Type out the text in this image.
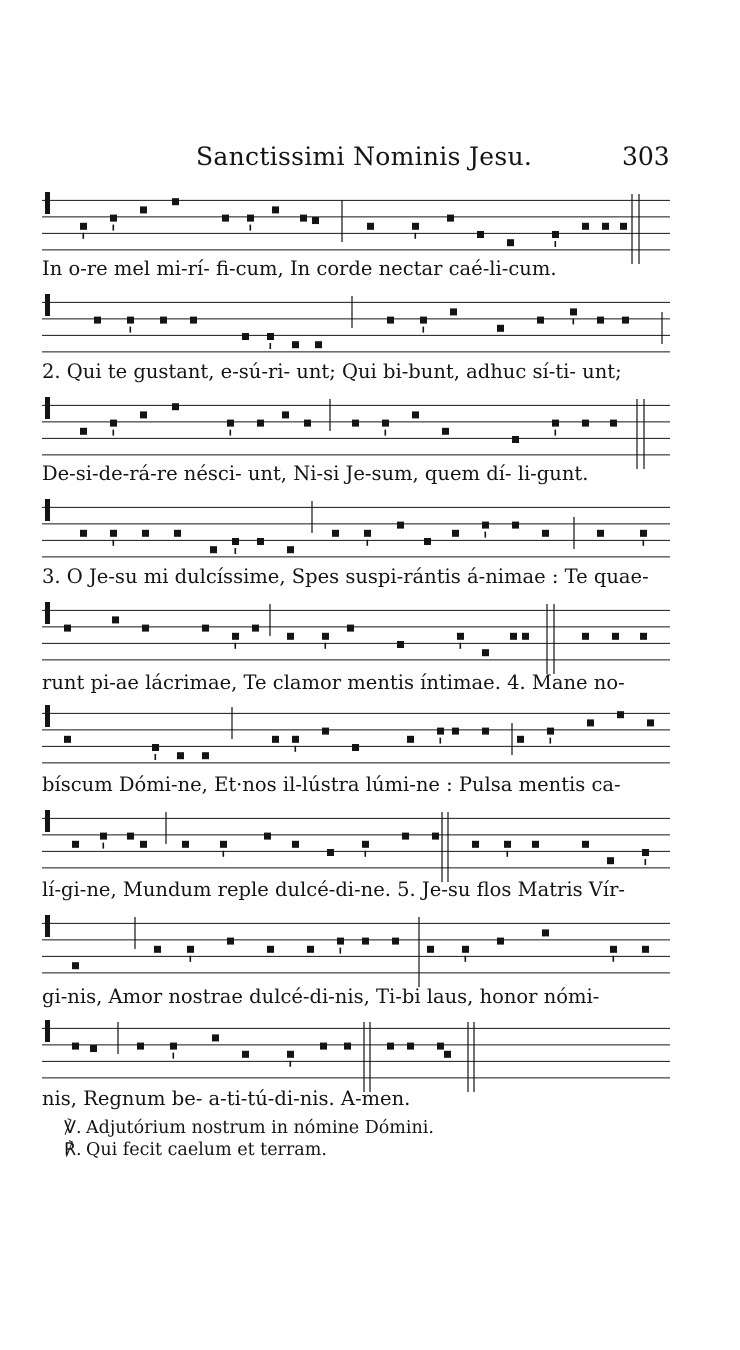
Sanctissimi Nominis Jesu.	303
In o-re mel mi-rí- fi-cum, In corde nectar caé-li-cum.
2. Qui te gustant, e-sú-ri- unt; Qui bi-bunt, adhuc sí-ti- unt;
De-si-de-rá-re nésci- unt, Ni-si Je-sum, quem dí- li-gunt.
3. O Je-su mi dulcíssime, Spes suspi-rántis á-nimae : Te quae-
runt pi-ae lácrimae, Te clamor mentis íntimae. 4. Mane no-
bíscum Dómi-ne, Et·nos il-lústra lúmi-ne : Pulsa mentis ca-
lí-gi-ne, Mundum reple dulcé-di-ne. 5. Je-su flos Matris Vír-
gi-nis, Amor nostrae dulcé-di-nis, Ti-bi laus, honor nómi-
nis, Regnum be- a-ti-tú-di-nis. A-men.
℣. Adjutórium nostrum in nómine Dómini.
℟. Qui fecit caelum et terram.
